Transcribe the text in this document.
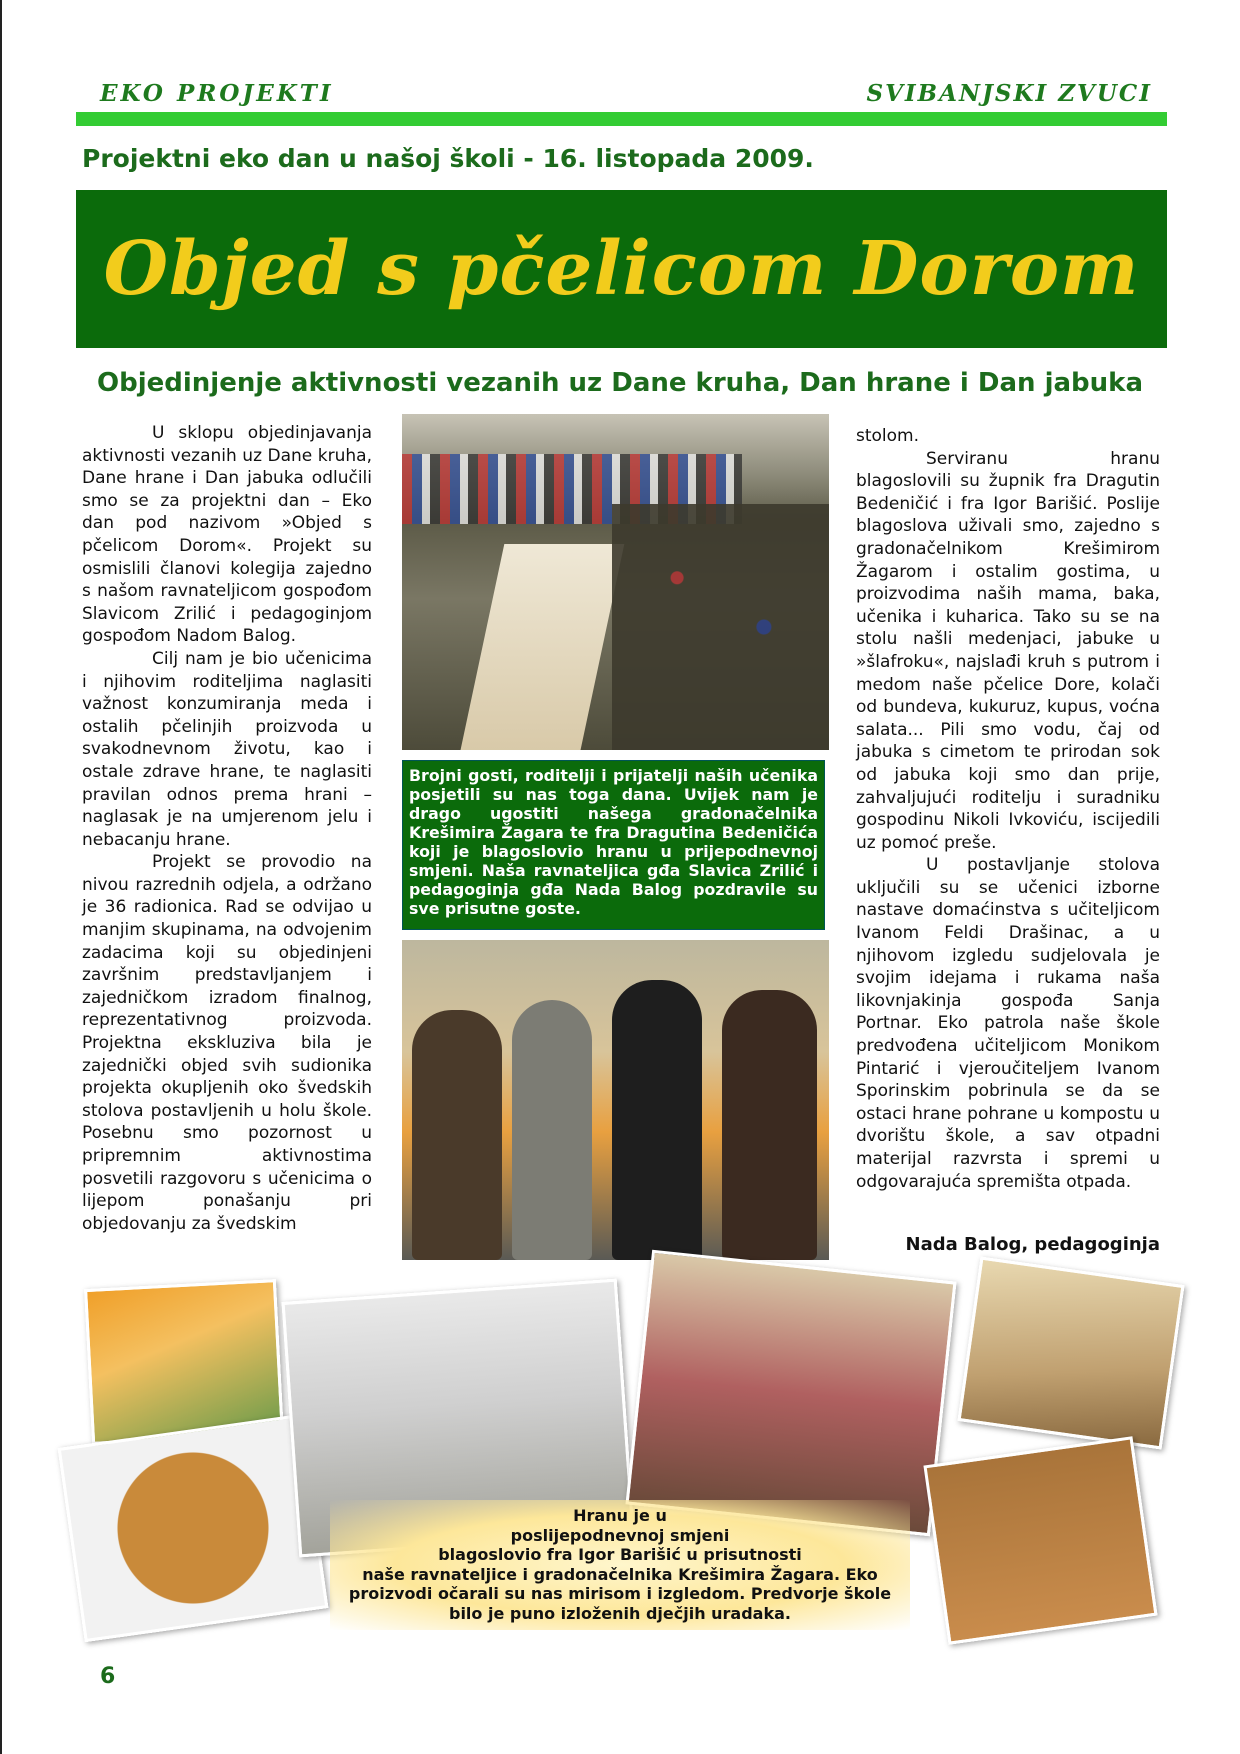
EKO PROJEKTI	SVIBANJSKI ZVUCI
Projektni eko dan u našoj školi - 16. listopada 2009.
Objed s pčelicom Dorom
Objedinjenje aktivnosti vezanih uz Dane kruha, Dan hrane i Dan jabuka

U sklopu objedinjavanja aktivnosti vezanih uz Dane kruha, Dane hrane i Dan jabuka odlučili smo se za projektni dan – Eko dan pod nazivom »Objed s pčelicom Dorom«. Projekt su osmislili članovi kolegija zajedno s našom ravnateljicom gospođom Slavicom Zrilić i pedagoginjom gospođom Nadom Balog.

Cilj nam je bio učenicima i njihovim roditeljima naglasiti važnost konzumiranja meda i ostalih pčelinjih proizvoda u svakodnevnom životu, kao i ostale zdrave hrane, te naglasiti pravilan odnos prema hrani – naglasak je na umjerenom jelu i nebacanju hrane.

Projekt se provodio na nivou razrednih odjela, a održano je 36 radionica. Rad se odvijao u manjim skupinama, na odvojenim zadacima koji su objedinjeni završnim predstavljanjem i zajedničkom izradom finalnog, reprezentativnog proizvoda. Projektna ekskluziva bila je zajednički objed svih sudionika projekta okupljenih oko švedskih stolova postavljenih u holu škole. Posebnu smo pozornost u pripremnim aktivnostima posvetili razgovoru s učenicima o lijepom ponašanju pri objedovanju za švedskim

Brojni gosti, roditelji i prijatelji naših učenika posjetili su nas toga dana. Uvijek nam je drago ugostiti našega gradonačelnika Krešimira Žagara te fra Dragutina Bedeničića koji je blagoslovio hranu u prijepodnevnoj smjeni. Naša ravnateljica gđa Slavica Zrilić i pedagoginja gđa Nada Balog pozdravile su sve prisutne goste.

stolom.

Serviranu hranu blagoslovili su župnik fra Dragutin Bedeničić i fra Igor Barišić. Poslije blagoslova uživali smo, zajedno s gradonačelnikom Krešimirom Žagarom i ostalim gostima, u proizvodima naših mama, baka, učenika i kuharica. Tako su se na stolu našli medenjaci, jabuke u »šlafroku«, najslađi kruh s putrom i medom naše pčelice Dore, kolači od bundeva, kukuruz, kupus, voćna salata... Pili smo vodu, čaj od jabuka s cimetom te prirodan sok od jabuka koji smo dan prije, zahvaljujući roditelju i suradniku gospodinu Nikoli Ivkoviću, iscijedili uz pomoć preše.

U postavljanje stolova uključili su se učenici izborne nastave domaćinstva s učiteljicom Ivanom Feldi Drašinac, a u njihovom izgledu sudjelovala je svojim idejama i rukama naša likovnjakinja gospođa Sanja Portnar. Eko patrola naše škole predvođena učiteljicom Monikom Pintarić i vjeroučiteljem Ivanom Sporinskim pobrinula se da se ostaci hrane pohrane u kompostu u dvorištu škole, a sav otpadni materijal razvrsta i spremi u odgovarajuća spremišta otpada.

Nada Balog, pedagoginja
Hranu je u
poslijepodnevnoj smjeni
blagoslovio fra Igor Barišić u prisutnosti
naše ravnateljice i gradonačelnika Krešimira Žagara. Eko
proizvodi očarali su nas mirisom i izgledom. Predvorje škole
bilo je puno izloženih dječjih uradaka.
6
